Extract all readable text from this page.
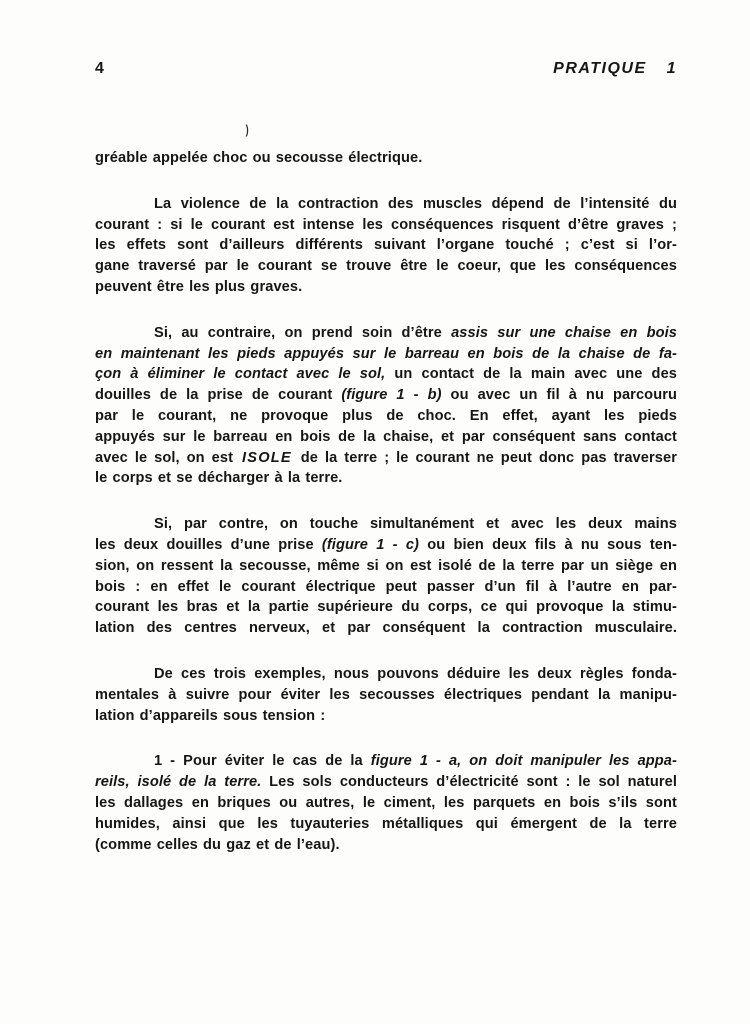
4	PRATIQUE 1
)
gréable appelée choc ou secousse électrique.
La violence de la contraction des muscles dépend de l’intensité du
courant : si le courant est intense les conséquences risquent d’être graves ;
les effets sont d’ailleurs différents suivant l’organe touché ; c’est si l’or-
gane traversé par le courant se trouve être le coeur, que les conséquences
peuvent être les plus graves.
Si, au contraire, on prend soin d’être assis sur une chaise en bois
en maintenant les pieds appuyés sur le barreau en bois de la chaise de fa-
çon à éliminer le contact avec le sol, un contact de la main avec une des
douilles de la prise de courant (figure 1 - b) ou avec un fil à nu parcouru
par le courant, ne provoque plus de choc. En effet, ayant les pieds
appuyés sur le barreau en bois de la chaise, et par conséquent sans contact
avec le sol, on est ISOLE de la terre ; le courant ne peut donc pas traverser
le corps et se décharger à la terre.
Si, par contre, on touche simultanément et avec les deux mains
les deux douilles d’une prise (figure 1 - c) ou bien deux fils à nu sous ten-
sion, on ressent la secousse, même si on est isolé de la terre par un siège en
bois : en effet le courant électrique peut passer d’un fil à l’autre en par-
courant les bras et la partie supérieure du corps, ce qui provoque la stimu-
lation des centres nerveux, et par conséquent la contraction musculaire.
De ces trois exemples, nous pouvons déduire les deux règles fonda-
mentales à suivre pour éviter les secousses électriques pendant la manipu-
lation d’appareils sous tension :
1 - Pour éviter le cas de la figure 1 - a, on doit manipuler les appa-
reils, isolé de la terre. Les sols conducteurs d’électricité sont : le sol naturel
les dallages en briques ou autres, le ciment, les parquets en bois s’ils sont
humides, ainsi que les tuyauteries métalliques qui émergent de la terre
(comme celles du gaz et de l’eau).
